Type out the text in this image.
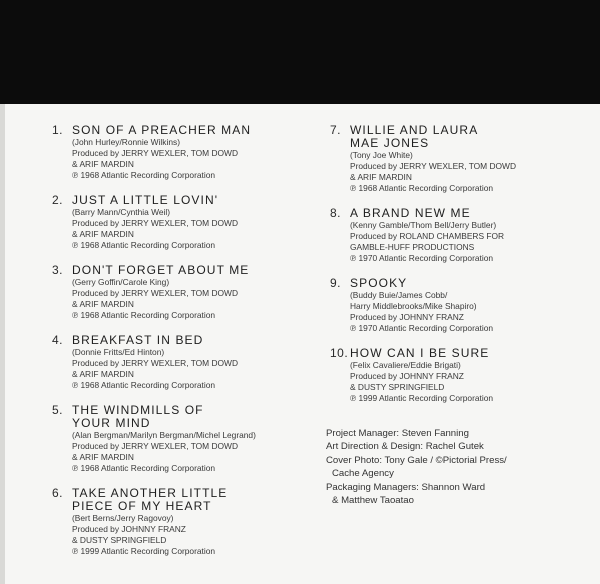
1. SON OF A PREACHER MAN
(John Hurley/Ronnie Wilkins)
Produced by JERRY WEXLER, TOM DOWD
& ARIF MARDIN
℗ 1968 Atlantic Recording Corporation
2. JUST A LITTLE LOVIN'
(Barry Mann/Cynthia Weil)
Produced by JERRY WEXLER, TOM DOWD
& ARIF MARDIN
℗ 1968 Atlantic Recording Corporation
3. DON'T FORGET ABOUT ME
(Gerry Goffin/Carole King)
Produced by JERRY WEXLER, TOM DOWD
& ARIF MARDIN
℗ 1968 Atlantic Recording Corporation
4. BREAKFAST IN BED
(Donnie Fritts/Ed Hinton)
Produced by JERRY WEXLER, TOM DOWD
& ARIF MARDIN
℗ 1968 Atlantic Recording Corporation
5. THE WINDMILLS OF
YOUR MIND
(Alan Bergman/Marilyn Bergman/Michel Legrand)
Produced by JERRY WEXLER, TOM DOWD
& ARIF MARDIN
℗ 1968 Atlantic Recording Corporation
6. TAKE ANOTHER LITTLE
PIECE OF MY HEART
(Bert Berns/Jerry Ragovoy)
Produced by JOHNNY FRANZ
& DUSTY SPRINGFIELD
℗ 1999 Atlantic Recording Corporation
7. WILLIE AND LAURA
MAE JONES
(Tony Joe White)
Produced by JERRY WEXLER, TOM DOWD
& ARIF MARDIN
℗ 1968 Atlantic Recording Corporation
8. A BRAND NEW ME
(Kenny Gamble/Thom Bell/Jerry Butler)
Produced by ROLAND CHAMBERS FOR
GAMBLE-HUFF PRODUCTIONS
℗ 1970 Atlantic Recording Corporation
9. SPOOKY
(Buddy Buie/James Cobb/
Harry Middlebrooks/Mike Shapiro)
Produced by JOHNNY FRANZ
℗ 1970 Atlantic Recording Corporation
10. HOW CAN I BE SURE
(Felix Cavaliere/Eddie Brigati)
Produced by JOHNNY FRANZ
& DUSTY SPRINGFIELD
℗ 1999 Atlantic Recording Corporation
Project Manager: Steven Fanning
Art Direction & Design: Rachel Gutek
Cover Photo: Tony Gale / ©Pictorial Press/
Cache Agency
Packaging Managers: Shannon Ward
& Matthew Taoatao
